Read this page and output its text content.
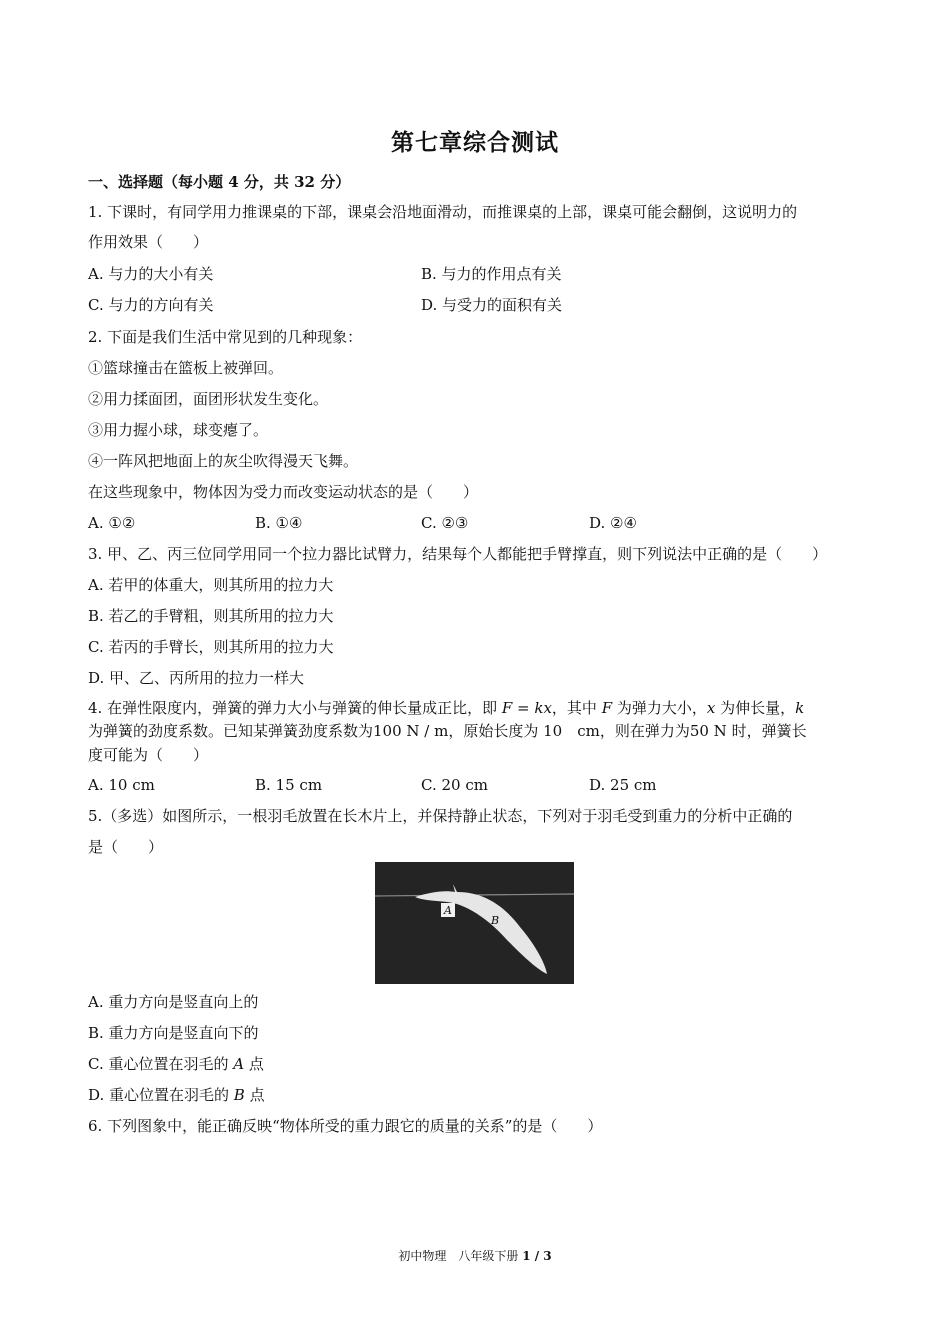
第七章综合测试
一、选择题（每小题 4 分，共 32 分）
1. 下课时，有同学用力推课桌的下部，课桌会沿地面滑动，而推课桌的上部，课桌可能会翻倒，这说明力的
作用效果（　　）
A. 与力的大小有关	B. 与力的作用点有关
C. 与力的方向有关	D. 与受力的面积有关
2. 下面是我们生活中常见到的几种现象：
①篮球撞击在篮板上被弹回。
②用力揉面团，面团形状发生变化。
③用力握小球，球变瘪了。
④一阵风把地面上的灰尘吹得漫天飞舞。
在这些现象中，物体因为受力而改变运动状态的是（　　）
A. ①②	B. ①④	C. ②③	D. ②④
3. 甲、乙、丙三位同学用同一个拉力器比试臂力，结果每个人都能把手臂撑直，则下列说法中正确的是（　　）
A. 若甲的体重大，则其所用的拉力大
B. 若乙的手臂粗，则其所用的拉力大
C. 若丙的手臂长，则其所用的拉力大
D. 甲、乙、丙所用的拉力一样大
4. 在弹性限度内，弹簧的弹力大小与弹簧的伸长量成正比，即 F = kx，其中 F 为弹力大小，x 为伸长量，k
为弹簧的劲度系数。已知某弹簧劲度系数为100 N / m，原始长度为 10　cm，则在弹力为50 N 时，弹簧长
度可能为（　　）
A. 10 cm	B. 15 cm	C. 20 cm	D. 25 cm
5.（多选）如图所示，一根羽毛放置在长木片上，并保持静止状态，下列对于羽毛受到重力的分析中正确的
是（　　）
A
B
A. 重力方向是竖直向上的
B. 重力方向是竖直向下的
C. 重心位置在羽毛的 A 点
D. 重心位置在羽毛的 B 点
6. 下列图象中，能正确反映“物体所受的重力跟它的质量的关系”的是（　　）
初中物理　八年级下册 1 / 3
